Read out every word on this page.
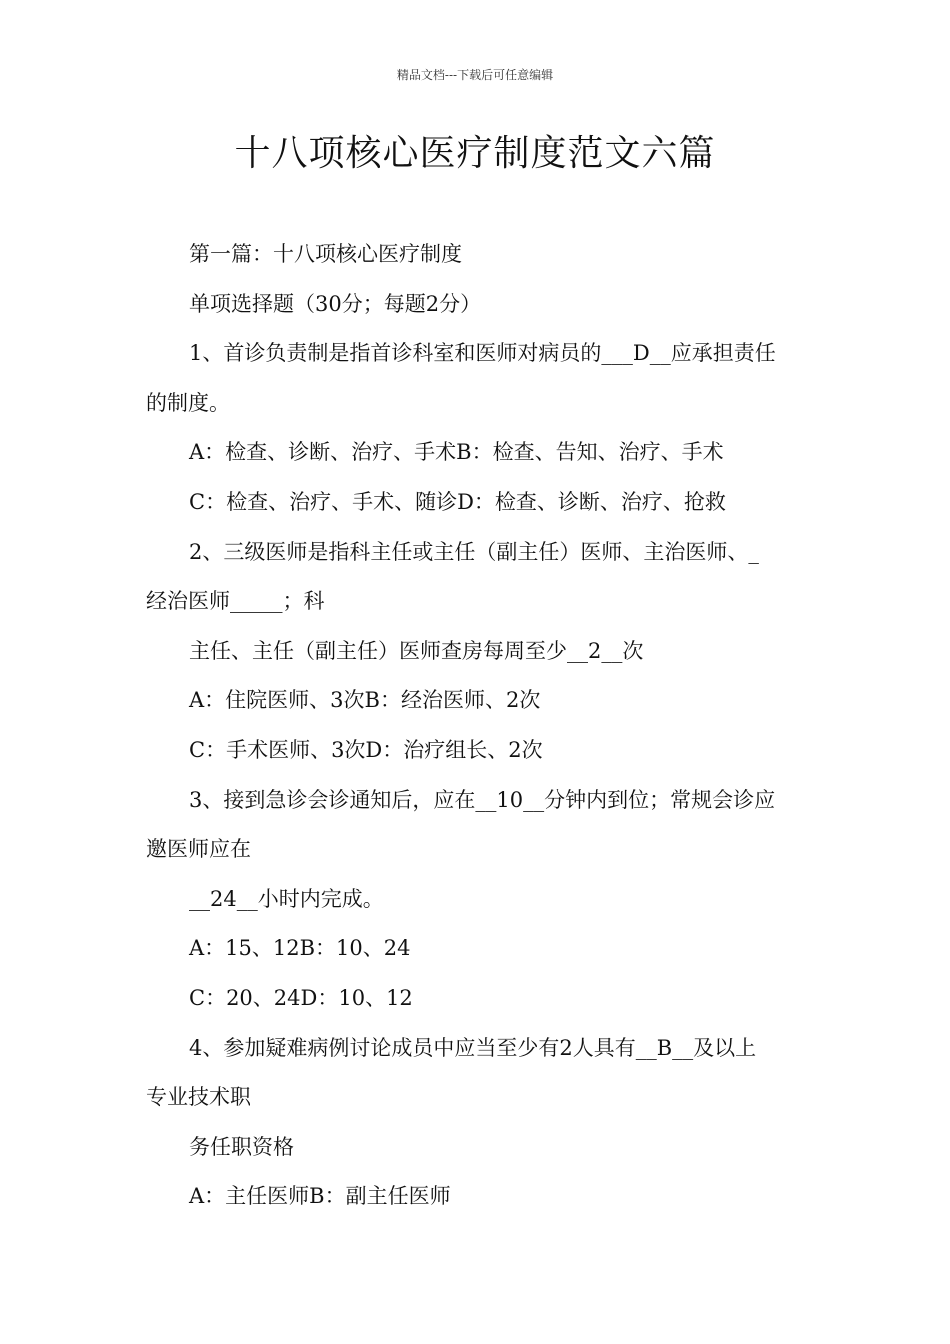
精品文档---下载后可任意编辑
十八项核心医疗制度范文六篇
第一篇：十八项核心医疗制度
单项选择题（30分；每题2分）
1、首诊负责制是指首诊科室和医师对病员的___D__应承担责任
的制度。
A：检查、诊断、治疗、手术B：检查、告知、治疗、手术
C：检查、治疗、手术、随诊D：检查、诊断、治疗、抢救
2、三级医师是指科主任或主任（副主任）医师、主治医师、_
经治医师_____；科
主任、主任（副主任）医师查房每周至少__2__次
A：住院医师、3次B：经治医师、2次
C：手术医师、3次D：治疗组长、2次
3、接到急诊会诊通知后，应在__10__分钟内到位；常规会诊应
邀医师应在
__24__小时内完成。
A：15、12B：10、24
C：20、24D：10、12
4、参加疑难病例讨论成员中应当至少有2人具有__B__及以上
专业技术职
务任职资格
A：主任医师B：副主任医师
